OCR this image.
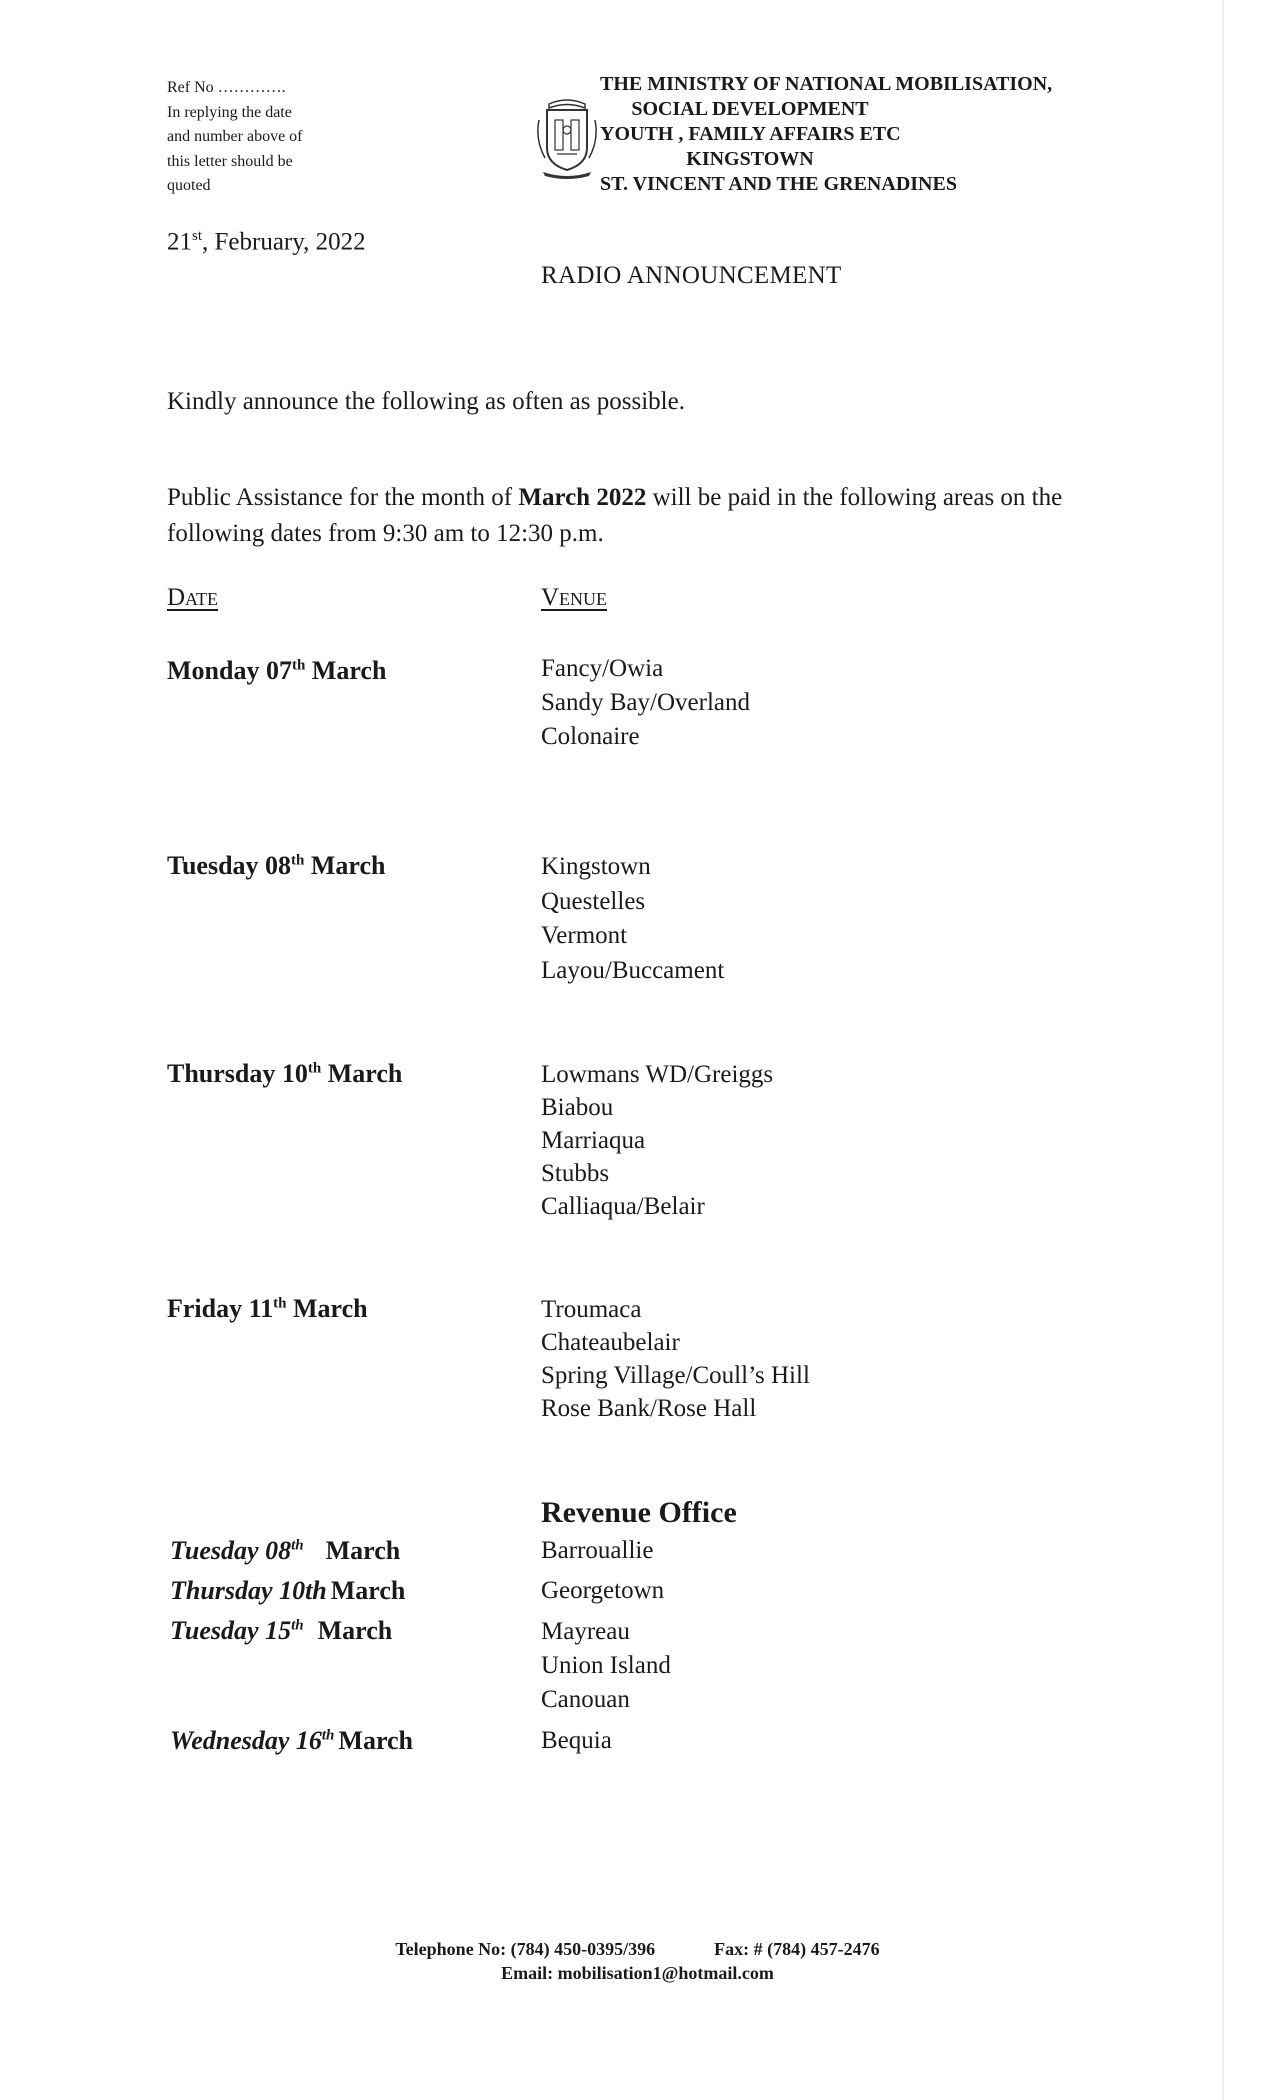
Ref No ………….
In replying the date
and number above of
this letter should be
quoted
THE MINISTRY OF NATIONAL MOBILISATION,
SOCIAL DEVELOPMENT
YOUTH , FAMILY AFFAIRS ETC
KINGSTOWN
ST. VINCENT AND THE GRENADINES
21st, February, 2022
RADIO ANNOUNCEMENT
Kindly announce the following as often as possible.
Public Assistance for the month of March 2022 will be paid in the following areas on the following dates from 9:30 am to 12:30 p.m.
Date	Venue
Monday 07th March	Fancy/Owia
Sandy Bay/Overland
Colonaire
Tuesday 08th March	Kingstown
Questelles
Vermont
Layou/Buccament
Thursday 10th March	Lowmans WD/Greiggs
Biabou
Marriaqua
Stubbs
Calliaqua/Belair
Friday 11th March	Troumaca
Chateaubelair
Spring Village/Coull’s Hill
Rose Bank/Rose Hall
Revenue Office
Tuesday 08th March	Barrouallie
Thursday 10th March	Georgetown
Tuesday 15th March	Mayreau
Union Island
Canouan
Wednesday 16th March	Bequia
Telephone No: (784) 450-0395/396	Fax: # (784) 457-2476
Email: mobilisation1@hotmail.com
